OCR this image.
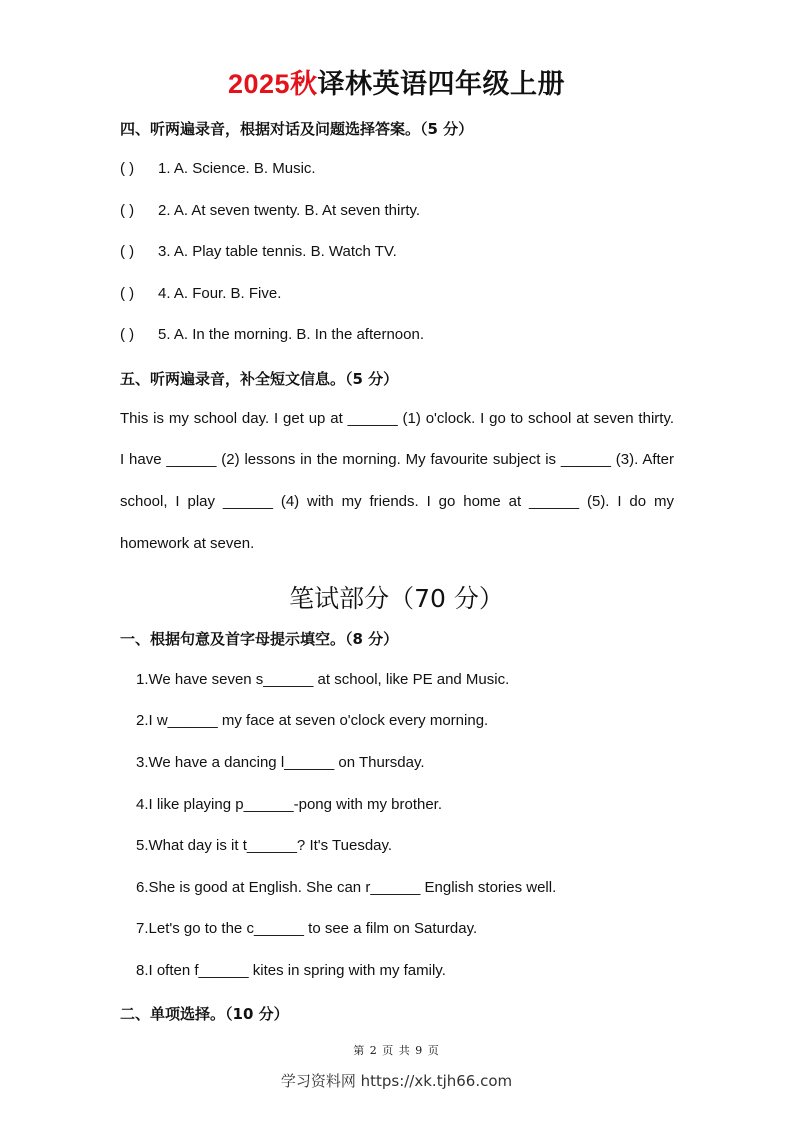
2025秋译林英语四年级上册
四、听两遍录音，根据对话及问题选择答案。（5 分）
( ) 1. A. Science. B. Music.
( ) 2. A. At seven twenty. B. At seven thirty.
( ) 3. A. Play table tennis. B. Watch TV.
( ) 4. A. Four. B. Five.
( ) 5. A. In the morning. B. In the afternoon.
五、听两遍录音，补全短文信息。（5 分）
This is my school day. I get up at ______ (1) o'clock. I go to school at seven thirty.
I have ______ (2) lessons in the morning. My favourite subject is ______ (3). After
school, I play ______ (4) with my friends. I go home at ______ (5). I do my
homework at seven.
笔试部分（70 分）
一、根据句意及首字母提示填空。（8 分）
1.We have seven s______ at school, like PE and Music.
2.I w______ my face at seven o'clock every morning.
3.We have a dancing l______ on Thursday.
4.I like playing p______-pong with my brother.
5.What day is it t______? It's Tuesday.
6.She is good at English. She can r______ English stories well.
7.Let's go to the c______ to see a film on Saturday.
8.I often f______ kites in spring with my family.
二、单项选择。（10 分）
第 2 页 共 9 页
学习资料网 https://xk.tjh66.com
